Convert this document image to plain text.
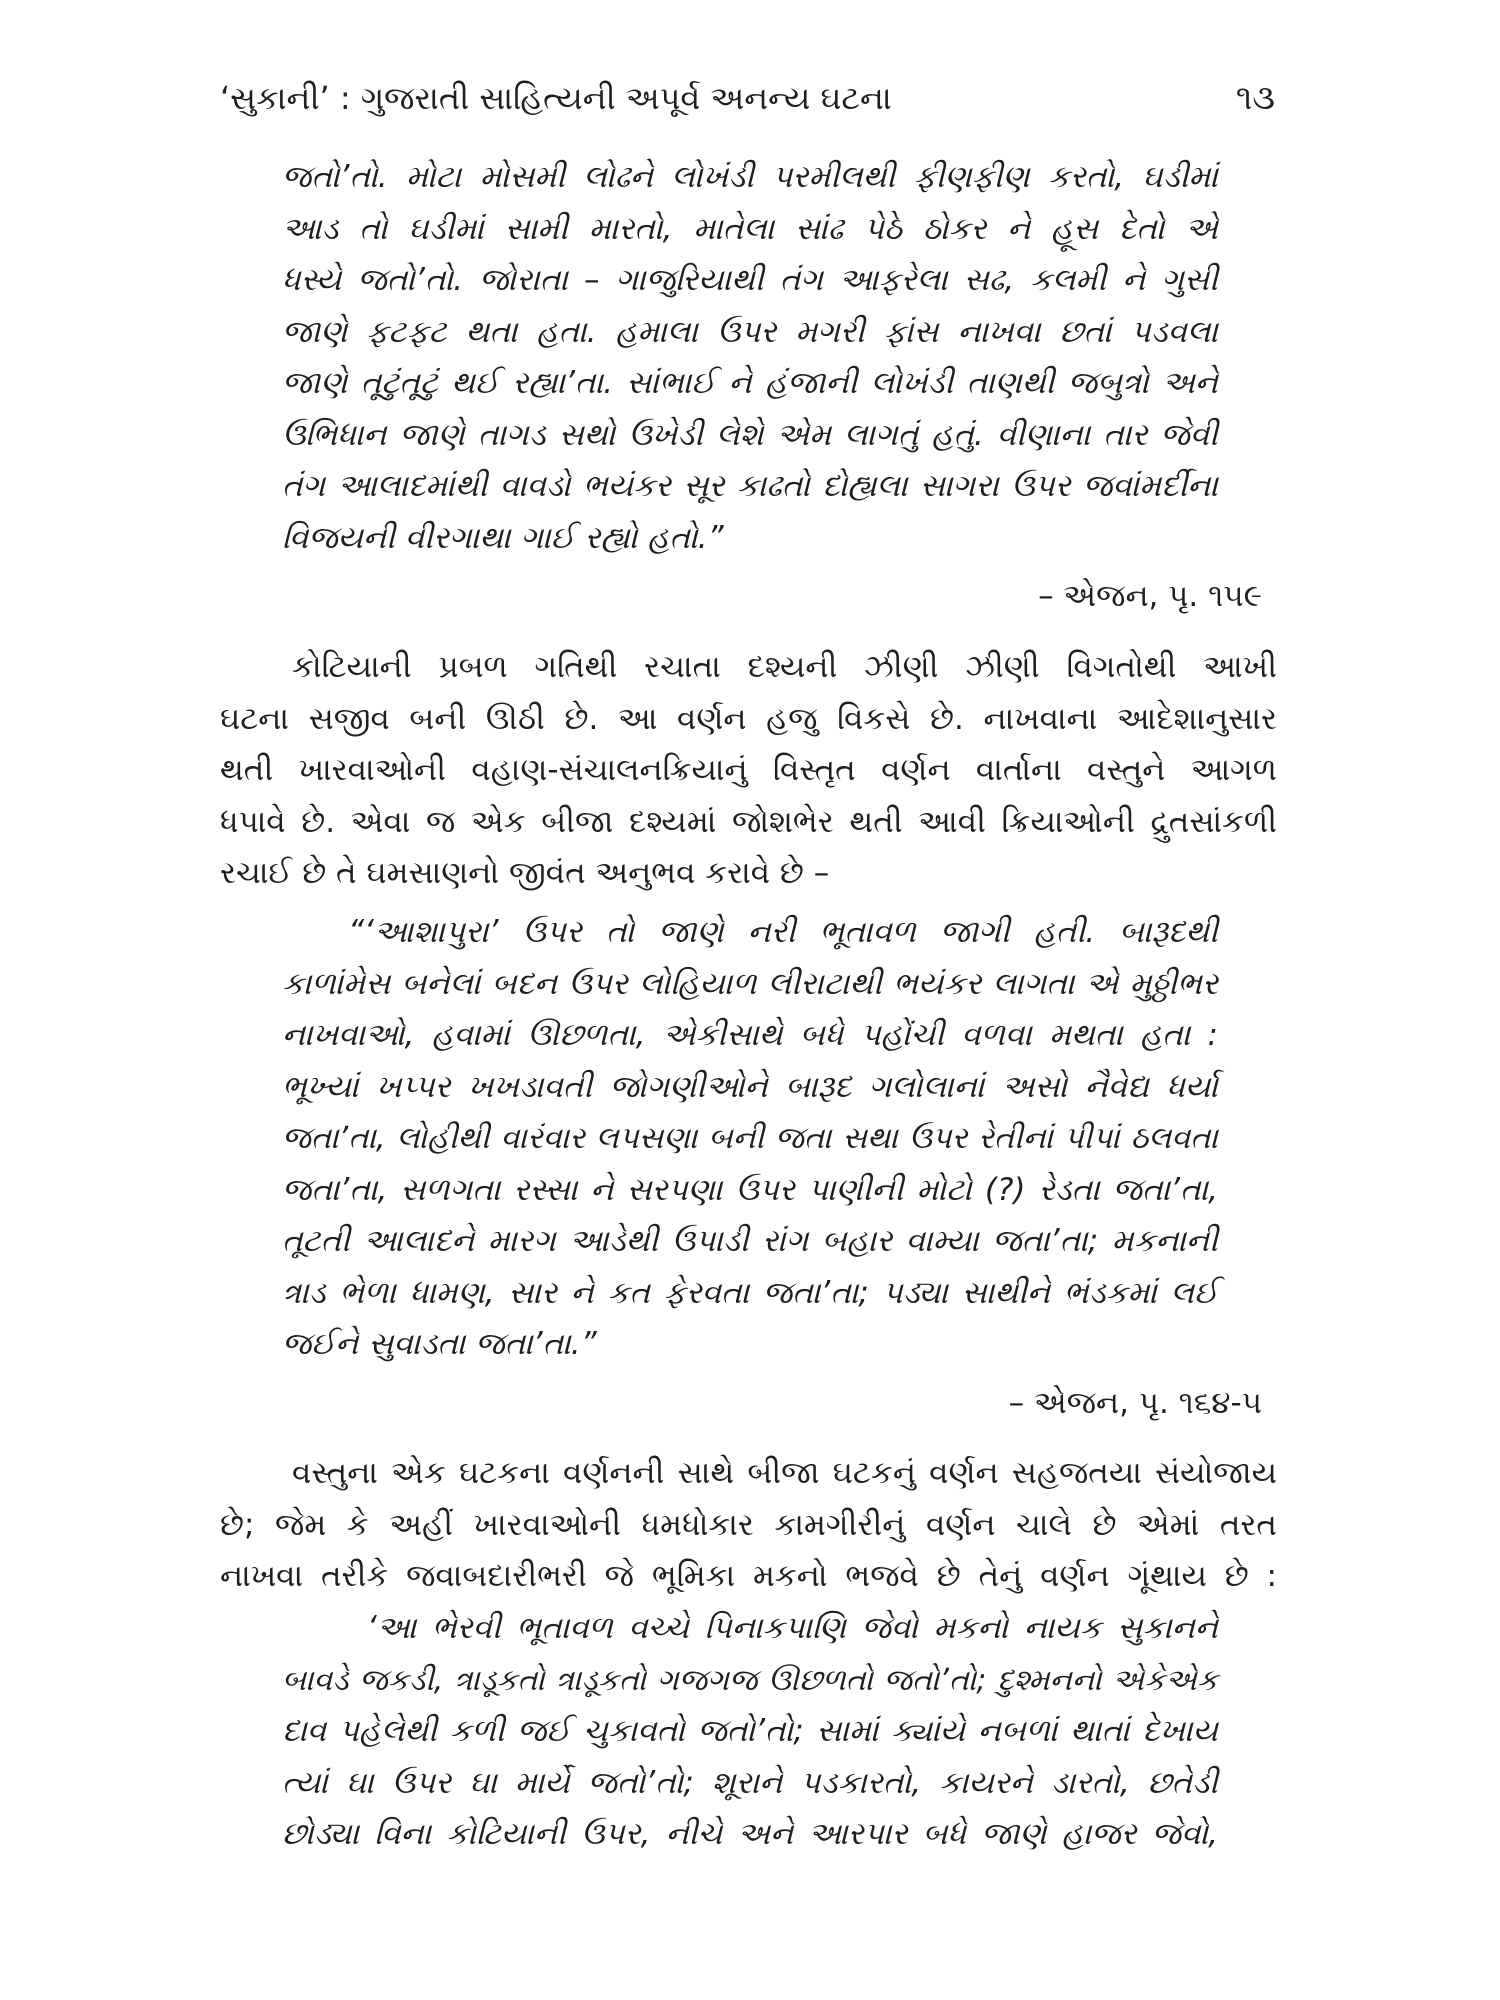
‘સુકાની’ : ગુજરાતી સાહિત્યની અપૂર્વ અનન્ય ઘટના	૧૩
જતો’તો. મોટા મોસમી લોઢને લોખંડી પરમીલથી ફીણફીણ કરતો, ઘડીમાં
આડ તો ઘડીમાં સામી મારતો, માતેલા સાંઢ પેઠે ઠોકર ને હૂસ દેતો એ
ધસ્યે જતો’તો. જોરાતા – ગાજુરિયાથી તંગ આફરેલા સઢ, કલમી ને ગુસી
જાણે ફટફટ થતા હતા. હમાલા ઉપર મગરી ફાંસ નાખવા છતાં પડવલા
જાણે તૂટુંતૂટું થઈ રહ્યા’તા. સાંભાઈ ને હંજાની લોખંડી તાણથી જબુત્રો અને
ઉભિધાન જાણે તાગડ સથો ઉખેડી લેશે એમ લાગતું હતું. વીણાના તાર જેવી
તંગ આલાદમાંથી વાવડો ભયંકર સૂર કાઢતો દોહ્યલા સાગરા ઉપર જવાંમર્દીના
વિજયની વીરગાથા ગાઈ રહ્યો હતો.”
– એજન, પૃ. ૧૫૯
કોટિયાની પ્રબળ ગતિથી રચાતા દશ્યની ઝીણી ઝીણી વિગતોથી આખી
ઘટના સજીવ બની ઊઠી છે. આ વર્ણન હજુ વિકસે છે. નાખવાના આદેશાનુસાર
થતી ખારવાઓની વહાણ-સંચાલનક્રિયાનું વિસ્તૃત વર્ણન વાર્તાના વસ્તુને આગળ
ધપાવે છે. એવા જ એક બીજા દશ્યમાં જોશભેર થતી આવી ક્રિયાઓની દ્રુતસાંકળી
રચાઈ છે તે ઘમસાણનો જીવંત અનુભવ કરાવે છે –
“‘આશાપુરા’ ઉપર તો જાણે નરી ભૂતાવળ જાગી હતી. બારૂદથી
કાળાંમેસ બનેલાં બદન ઉપર લોહિયાળ લીરાટાથી ભયંકર લાગતા એ મુઠ્ઠીભર
નાખવાઓ, હવામાં ઊછળતા, એકીસાથે બધે પહોંચી વળવા મથતા હતા :
ભૂખ્યાં ખપ્પર ખખડાવતી જોગણીઓને બારૂદ ગલોલાનાં અસો નૈવેદ્ય ધર્યા
જતા’તા, લોહીથી વારંવાર લપસણા બની જતા સથા ઉપર રેતીનાં પીપાં ઠલવતા
જતા’તા, સળગતા રસ્સા ને સરપણા ઉપર પાણીની મોટો (?) રેડતા જતા’તા,
તૂટતી આલાદને મારગ આડેથી ઉપાડી રાંગ બહાર વામ્યા જતા’તા; મકનાની
ત્રાડ ભેળા ધામણ, સાર ને કત ફેરવતા જતા’તા; પડ્યા સાથીને ભંડકમાં લઈ
જઈને સુવાડતા જતા’તા.”
– એજન, પૃ. ૧૬૪-૫
વસ્તુના એક ઘટકના વર્ણનની સાથે બીજા ઘટકનું વર્ણન સહજતયા સંયોજાય
છે; જેમ કે અહીં ખારવાઓની ધમધોકાર કામગીરીનું વર્ણન ચાલે છે એમાં તરત
નાખવા તરીકે જવાબદારીભરી જે ભૂમિકા મકનો ભજવે છે તેનું વર્ણન ગૂંથાય છે :
‘આ ભેરવી ભૂતાવળ વચ્ચે પિનાકપાણિ જેવો મકનો નાયક સુકાનને
બાવડે જકડી, ત્રાડૂકતો ત્રાડૂકતો ગજગજ ઊછળતો જતો’તો; દુશ્મનનો એકેએક
દાવ પહેલેથી કળી જઈ ચુકાવતો જતો’તો; સામાં ક્યાંયે નબળાં થાતાં દેખાય
ત્યાં ઘા ઉપર ઘા માર્યે જતો’તો; શૂરાને પડકારતો, કાયરને ડારતો, છતેડી
છોડ્યા વિના કોટિયાની ઉપર, નીચે અને આરપાર બધે જાણે હાજર જેવો,
